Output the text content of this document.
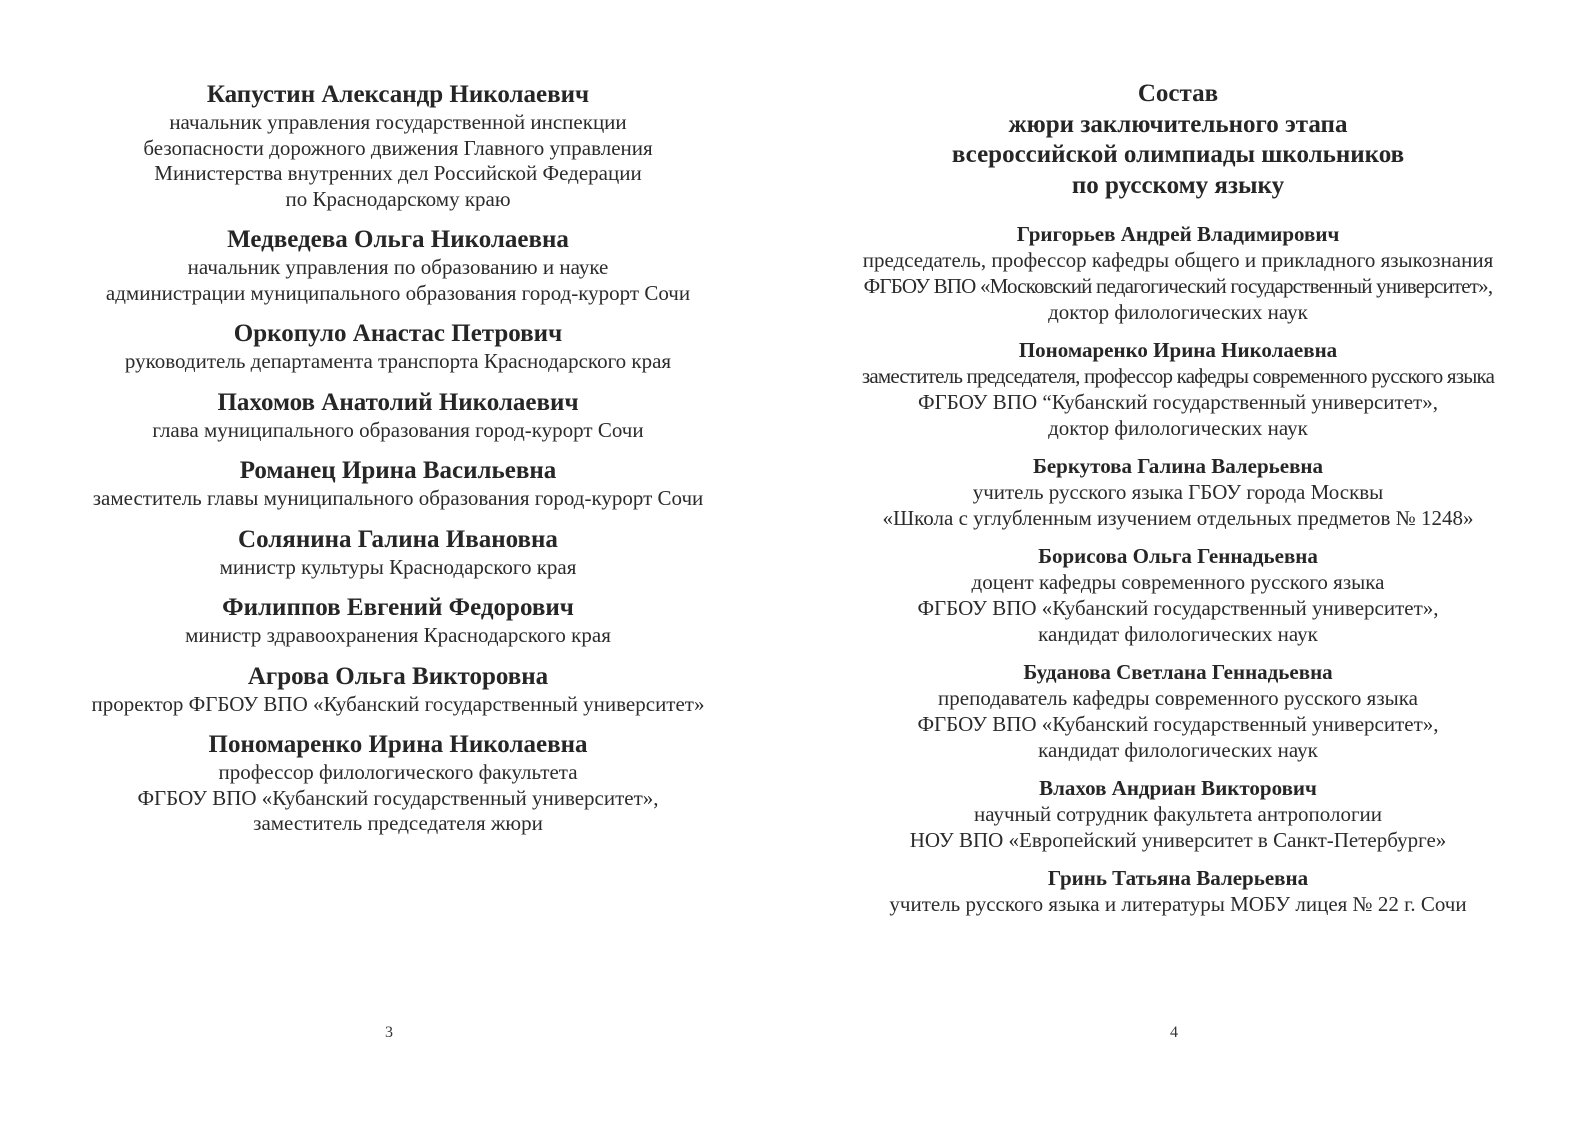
Капустин Александр Николаевич
начальник управления государственной инспекции
безопасности дорожного движения Главного управления
Министерства внутренних дел Российской Федерации
по Краснодарскому краю
Медведева Ольга Николаевна
начальник управления по образованию и науке
администрации муниципального образования город-курорт Сочи
Оркопуло Анастас Петрович
руководитель департамента транспорта Краснодарского края
Пахомов Анатолий Николаевич
глава муниципального образования город-курорт Сочи
Романец Ирина Васильевна
заместитель главы муниципального образования город-курорт Сочи
Солянина Галина Ивановна
министр культуры Краснодарского края
Филиппов Евгений Федорович
министр здравоохранения Краснодарского края
Агрова Ольга Викторовна
проректор ФГБОУ ВПО «Кубанский государственный университет»
Пономаренко Ирина Николаевна
профессор филологического факультета
ФГБОУ ВПО «Кубанский государственный университет»,
заместитель председателя жюри
3
Состав
жюри заключительного этапа
всероссийской олимпиады школьников
по русскому языку
Григорьев Андрей Владимирович
председатель, профессор кафедры общего и прикладного языкознания
ФГБОУ ВПО «Московский педагогический государственный университет»,
доктор филологических наук
Пономаренко Ирина Николаевна
заместитель председателя, профессор кафедры современного русского языка
ФГБОУ ВПО “Кубанский государственный университет»,
доктор филологических наук
Беркутова Галина Валерьевна
учитель русского языка ГБОУ города Москвы
«Школа с углубленным изучением отдельных предметов № 1248»
Борисова Ольга Геннадьевна
доцент кафедры современного русского языка
ФГБОУ ВПО «Кубанский государственный университет»,
кандидат филологических наук
Буданова Светлана Геннадьевна
преподаватель кафедры современного русского языка
ФГБОУ ВПО «Кубанский государственный университет»,
кандидат филологических наук
Влахов Андриан Викторович
научный сотрудник факультета антропологии
НОУ ВПО «Европейский университет в Санкт-Петербурге»
Гринь Татьяна Валерьевна
учитель русского языка и литературы МОБУ лицея № 22 г. Сочи
4
